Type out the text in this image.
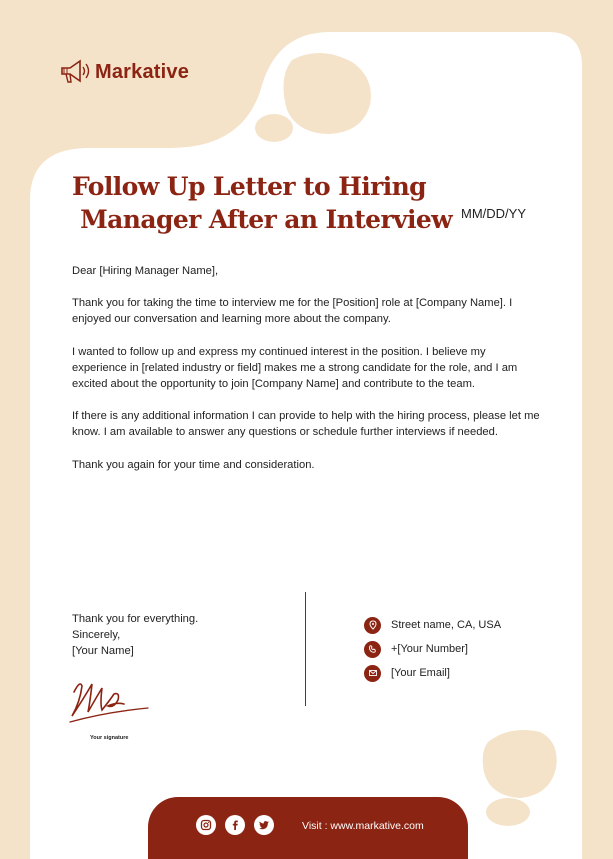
Markative
Follow Up Letter to Hiring
Manager After an Interview MM/DD/YY

Dear [Hiring Manager Name],

Thank you for taking the time to interview me for the [Position] role at [Company Name]. I enjoyed our conversation and learning more about the company.

I wanted to follow up and express my continued interest in the position. I believe my experience in [related industry or field] makes me a strong candidate for the role, and I am excited about the opportunity to join [Company Name] and contribute to the team.

If there is any additional information I can provide to help with the hiring process, please let me know. I am available to answer any questions or schedule further interviews if needed.

Thank you again for your time and consideration.

Thank you for everything.
Sincerely,
[Your Name]
Your signature
Street name, CA, USA
+[Your Number]
[Your Email]
Visit : www.markative.com
